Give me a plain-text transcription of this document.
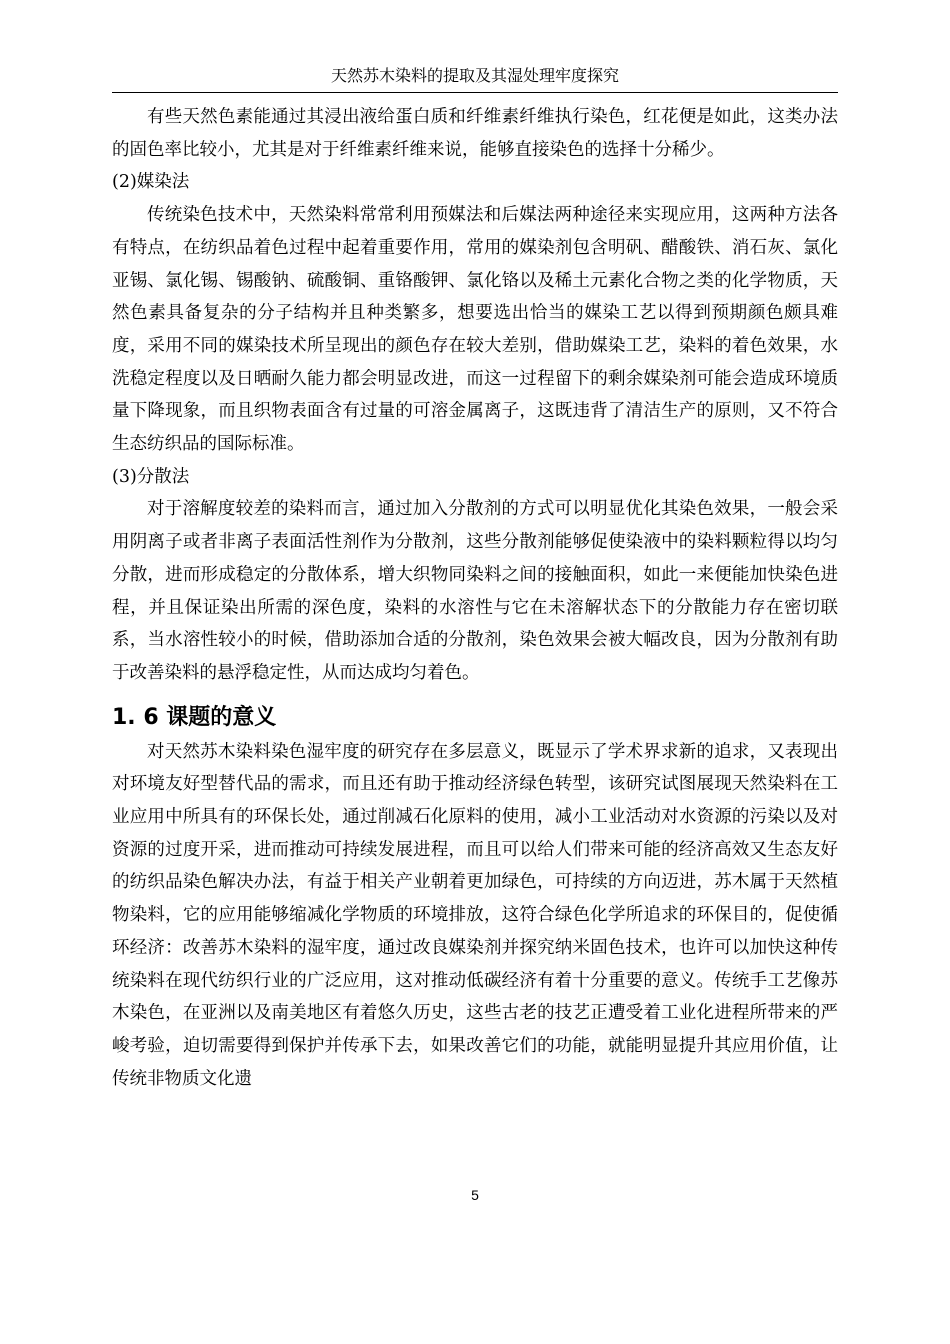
天然苏木染料的提取及其湿处理牢度探究

有些天然色素能通过其浸出液给蛋白质和纤维素纤维执行染色，红花便是如此，这类办法的固色率比较小，尤其是对于纤维素纤维来说，能够直接染色的选择十分稀少。

(2)媒染法

传统染色技术中，天然染料常常利用预媒法和后媒法两种途径来实现应用，这两种方法各有特点，在纺织品着色过程中起着重要作用，常用的媒染剂包含明矾、醋酸铁、消石灰、氯化亚锡、氯化锡、锡酸钠、硫酸铜、重铬酸钾、氯化铬以及稀土元素化合物之类的化学物质，天然色素具备复杂的分子结构并且种类繁多，想要选出恰当的媒染工艺以得到预期颜色颇具难度，采用不同的媒染技术所呈现出的颜色存在较大差别，借助媒染工艺，染料的着色效果，水洗稳定程度以及日晒耐久能力都会明显改进，而这一过程留下的剩余媒染剂可能会造成环境质量下降现象，而且织物表面含有过量的可溶金属离子，这既违背了清洁生产的原则，又不符合生态纺织品的国际标准。

(3)分散法

对于溶解度较差的染料而言，通过加入分散剂的方式可以明显优化其染色效果，一般会采用阴离子或者非离子表面活性剂作为分散剂，这些分散剂能够促使染液中的染料颗粒得以均匀分散，进而形成稳定的分散体系，增大织物同染料之间的接触面积，如此一来便能加快染色进程，并且保证染出所需的深色度，染料的水溶性与它在未溶解状态下的分散能力存在密切联系，当水溶性较小的时候，借助添加合适的分散剂，染色效果会被大幅改良，因为分散剂有助于改善染料的悬浮稳定性，从而达成均匀着色。

1. 6 课题的意义

对天然苏木染料染色湿牢度的研究存在多层意义，既显示了学术界求新的追求，又表现出对环境友好型替代品的需求，而且还有助于推动经济绿色转型，该研究试图展现天然染料在工业应用中所具有的环保长处，通过削减石化原料的使用，减小工业活动对水资源的污染以及对资源的过度开采，进而推动可持续发展进程，而且可以给人们带来可能的经济高效又生态友好的纺织品染色解决办法，有益于相关产业朝着更加绿色，可持续的方向迈进，苏木属于天然植物染料，它的应用能够缩减化学物质的环境排放，这符合绿色化学所追求的环保目的，促使循环经济：改善苏木染料的湿牢度，通过改良媒染剂并探究纳米固色技术，也许可以加快这种传统染料在现代纺织行业的广泛应用，这对推动低碳经济有着十分重要的意义。传统手工艺像苏木染色，在亚洲以及南美地区有着悠久历史，这些古老的技艺正遭受着工业化进程所带来的严峻考验，迫切需要得到保护并传承下去，如果改善它们的功能，就能明显提升其应用价值，让传统非物质文化遗

5
